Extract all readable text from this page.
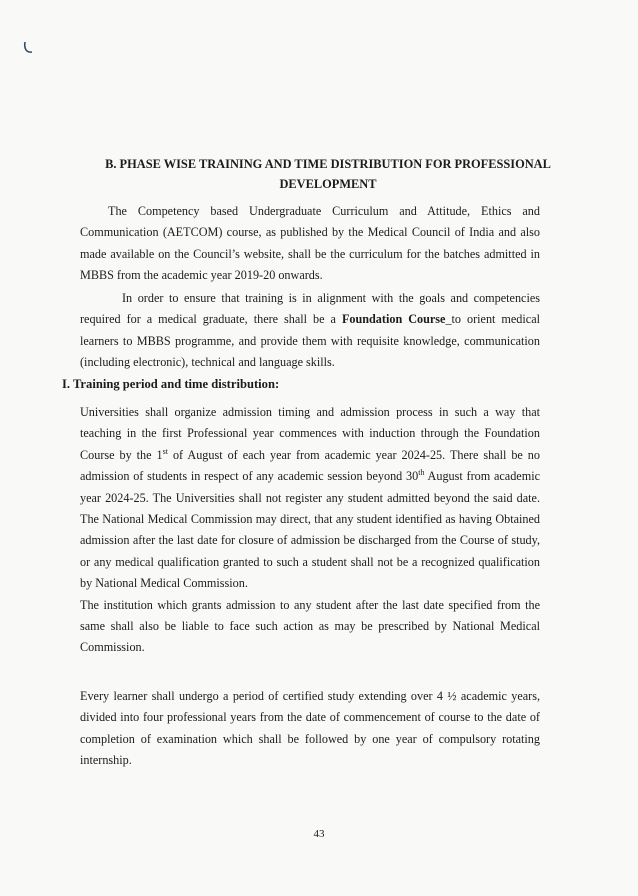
B. PHASE WISE TRAINING AND TIME DISTRIBUTION FOR PROFESSIONAL
DEVELOPMENT
The Competency based Undergraduate Curriculum and Attitude, Ethics and Communication (AETCOM) course, as published by the Medical Council of India and also made available on the Council’s website, shall be the curriculum for the batches admitted in MBBS from the academic year 2019-20 onwards.
In order to ensure that training is in alignment with the goals and competencies required for a medical graduate, there shall be a Foundation Course_to orient medical learners to MBBS programme, and provide them with requisite knowledge, communication (including electronic), technical and language skills.
I. Training period and time distribution:
Universities shall organize admission timing and admission process in such a way that teaching in the first Professional year commences with induction through the Foundation Course by the 1st of August of each year from academic year 2024-25. There shall be no admission of students in respect of any academic session beyond 30th August from academic year 2024-25. The Universities shall not register any student admitted beyond the said date. The National Medical Commission may direct, that any student identified as having Obtained admission after the last date for closure of admission be discharged from the Course of study, or any medical qualification granted to such a student shall not be a recognized qualification by National Medical Commission.
The institution which grants admission to any student after the last date specified from the same shall also be liable to face such action as may be prescribed by National Medical Commission.
Every learner shall undergo a period of certified study extending over 4 ½ academic years, divided into four professional years from the date of commencement of course to the date of completion of examination which shall be followed by one year of compulsory rotating internship.
43
